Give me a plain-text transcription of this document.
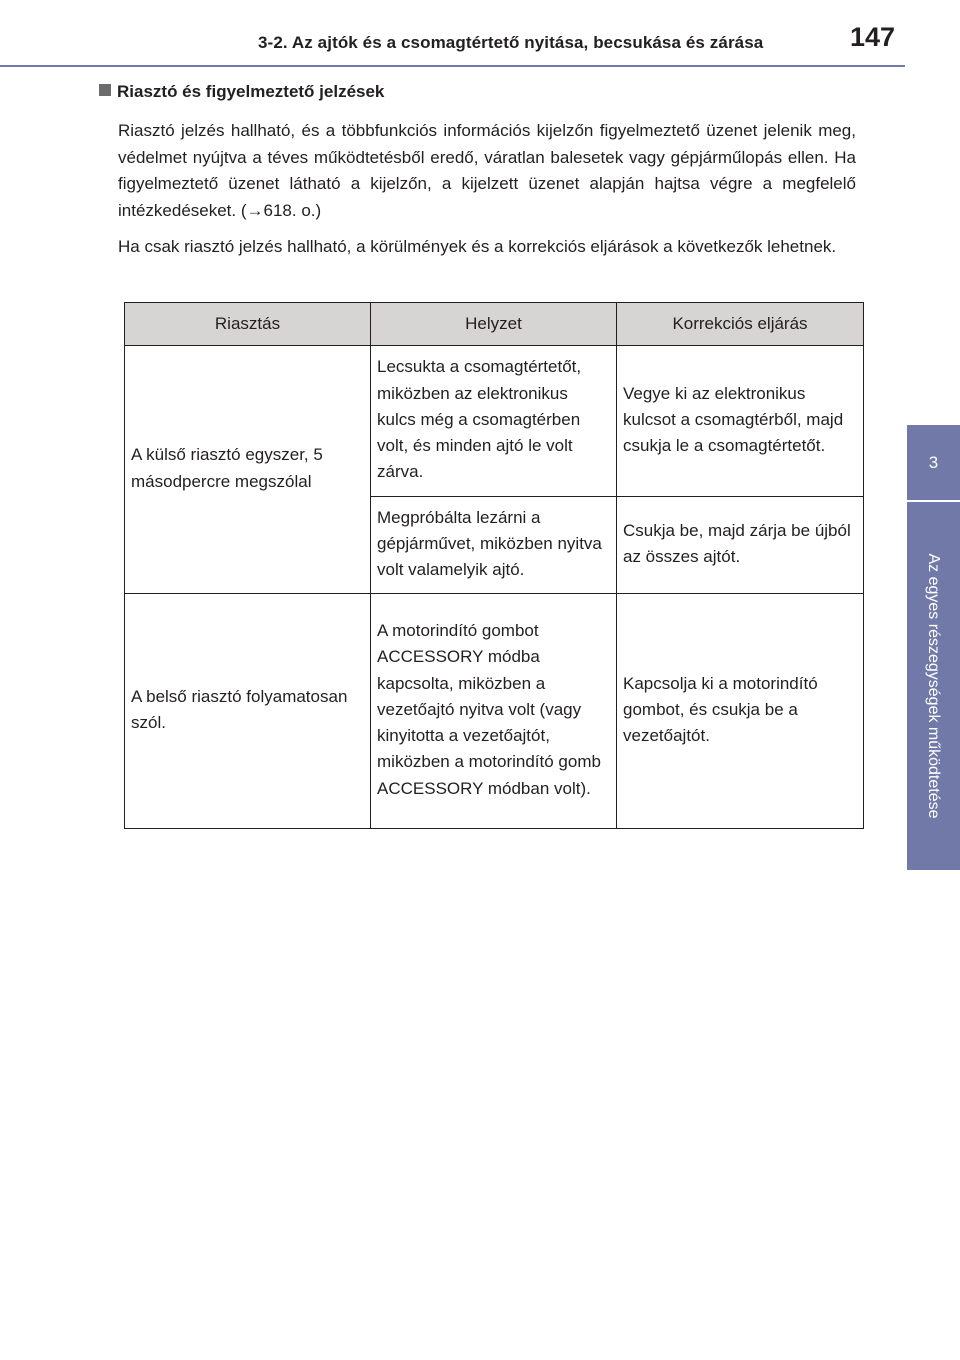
3-2. Az ajtók és a csomagtértető nyitása, becsukása és zárása	147
3
Az egyes részegységek működtetése
Riasztó és figyelmeztető jelzések
Riasztó jelzés hallható, és a többfunkciós információs kijelzőn figyelmeztető üzenet jelenik meg, védelmet nyújtva a téves működtetésből eredő, váratlan balesetek vagy gépjárműlopás ellen. Ha figyelmeztető üzenet látható a kijelzőn, a kijelzett üzenet alapján hajtsa végre a megfelelő intézkedéseket. (→618. o.)
Ha csak riasztó jelzés hallható, a körülmények és a korrekciós eljárások a következők lehetnek.
Riasztás	Helyzet	Korrekciós eljárás
A külső riasztó egyszer, 5 másodpercre megszólal	Lecsukta a csomagtértetőt, miközben az elektronikus kulcs még a csomagtérben volt, és minden ajtó le volt zárva.	Vegye ki az elektronikus kulcsot a csomagtérből, majd csukja le a csomagtértetőt.
	Megpróbálta lezárni a gépjárművet, miközben nyitva volt valamelyik ajtó.	Csukja be, majd zárja be újból az összes ajtót.
A belső riasztó folyamatosan szól.	A motorindító gombot ACCESSORY módba kapcsolta, miközben a vezetőajtó nyitva volt (vagy kinyitotta a vezetőajtót, miközben a motorindító gomb ACCESSORY módban volt).	Kapcsolja ki a motorindító gombot, és csukja be a vezetőajtót.
